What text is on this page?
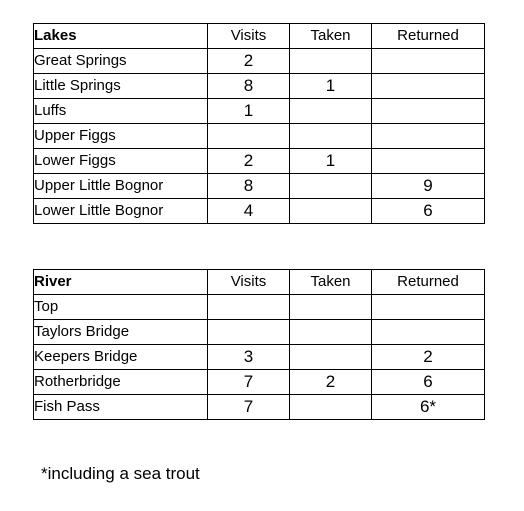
Lakes	Visits	Taken	Returned
Great Springs	2		
Little Springs	8	1	
Luffs	1		
Upper Figgs			
Lower Figgs	2	1	
Upper Little Bognor	8		9
Lower Little Bognor	4		6
River	Visits	Taken	Returned
Top			
Taylors Bridge			
Keepers Bridge	3		2
Rotherbridge	7	2	6
Fish Pass	7		6*
*including a sea trout
